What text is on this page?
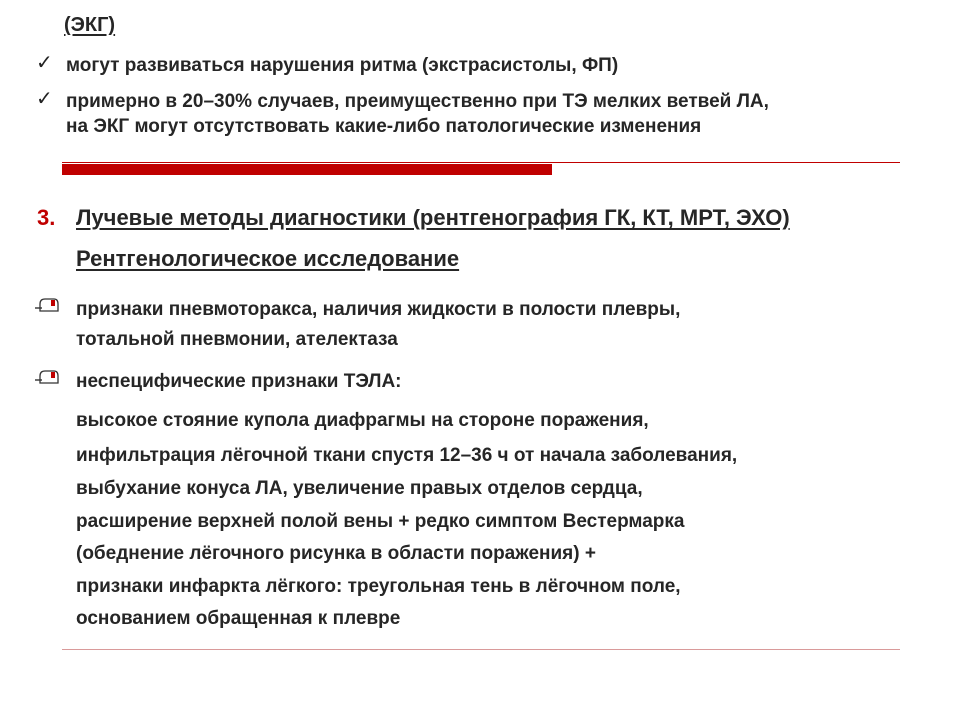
(ЭКГ)
✓ могут развиваться нарушения ритма (экстрасистолы, ФП)
✓ примерно в 20–30% случаев, преимущественно при ТЭ мелких ветвей ЛА,
на ЭКГ могут отсутствовать какие-либо патологические изменения
3. Лучевые методы диагностики (рентгенография ГК, КТ, МРТ, ЭХО)
Рентгенологическое исследование
признаки пневмоторакса, наличия жидкости в полости плевры,
тотальной пневмонии, ателектаза
неспецифические признаки ТЭЛА:
высокое стояние купола диафрагмы на стороне поражения,
инфильтрация лёгочной ткани спустя 12–36 ч от начала заболевания,
выбухание конуса ЛА, увеличение правых отделов сердца,
расширение верхней полой вены + редко симптом Вестермарка
(обеднение лёгочного рисунка в области поражения) +
признаки инфаркта лёгкого: треугольная тень в лёгочном поле,
основанием обращенная к плевре
